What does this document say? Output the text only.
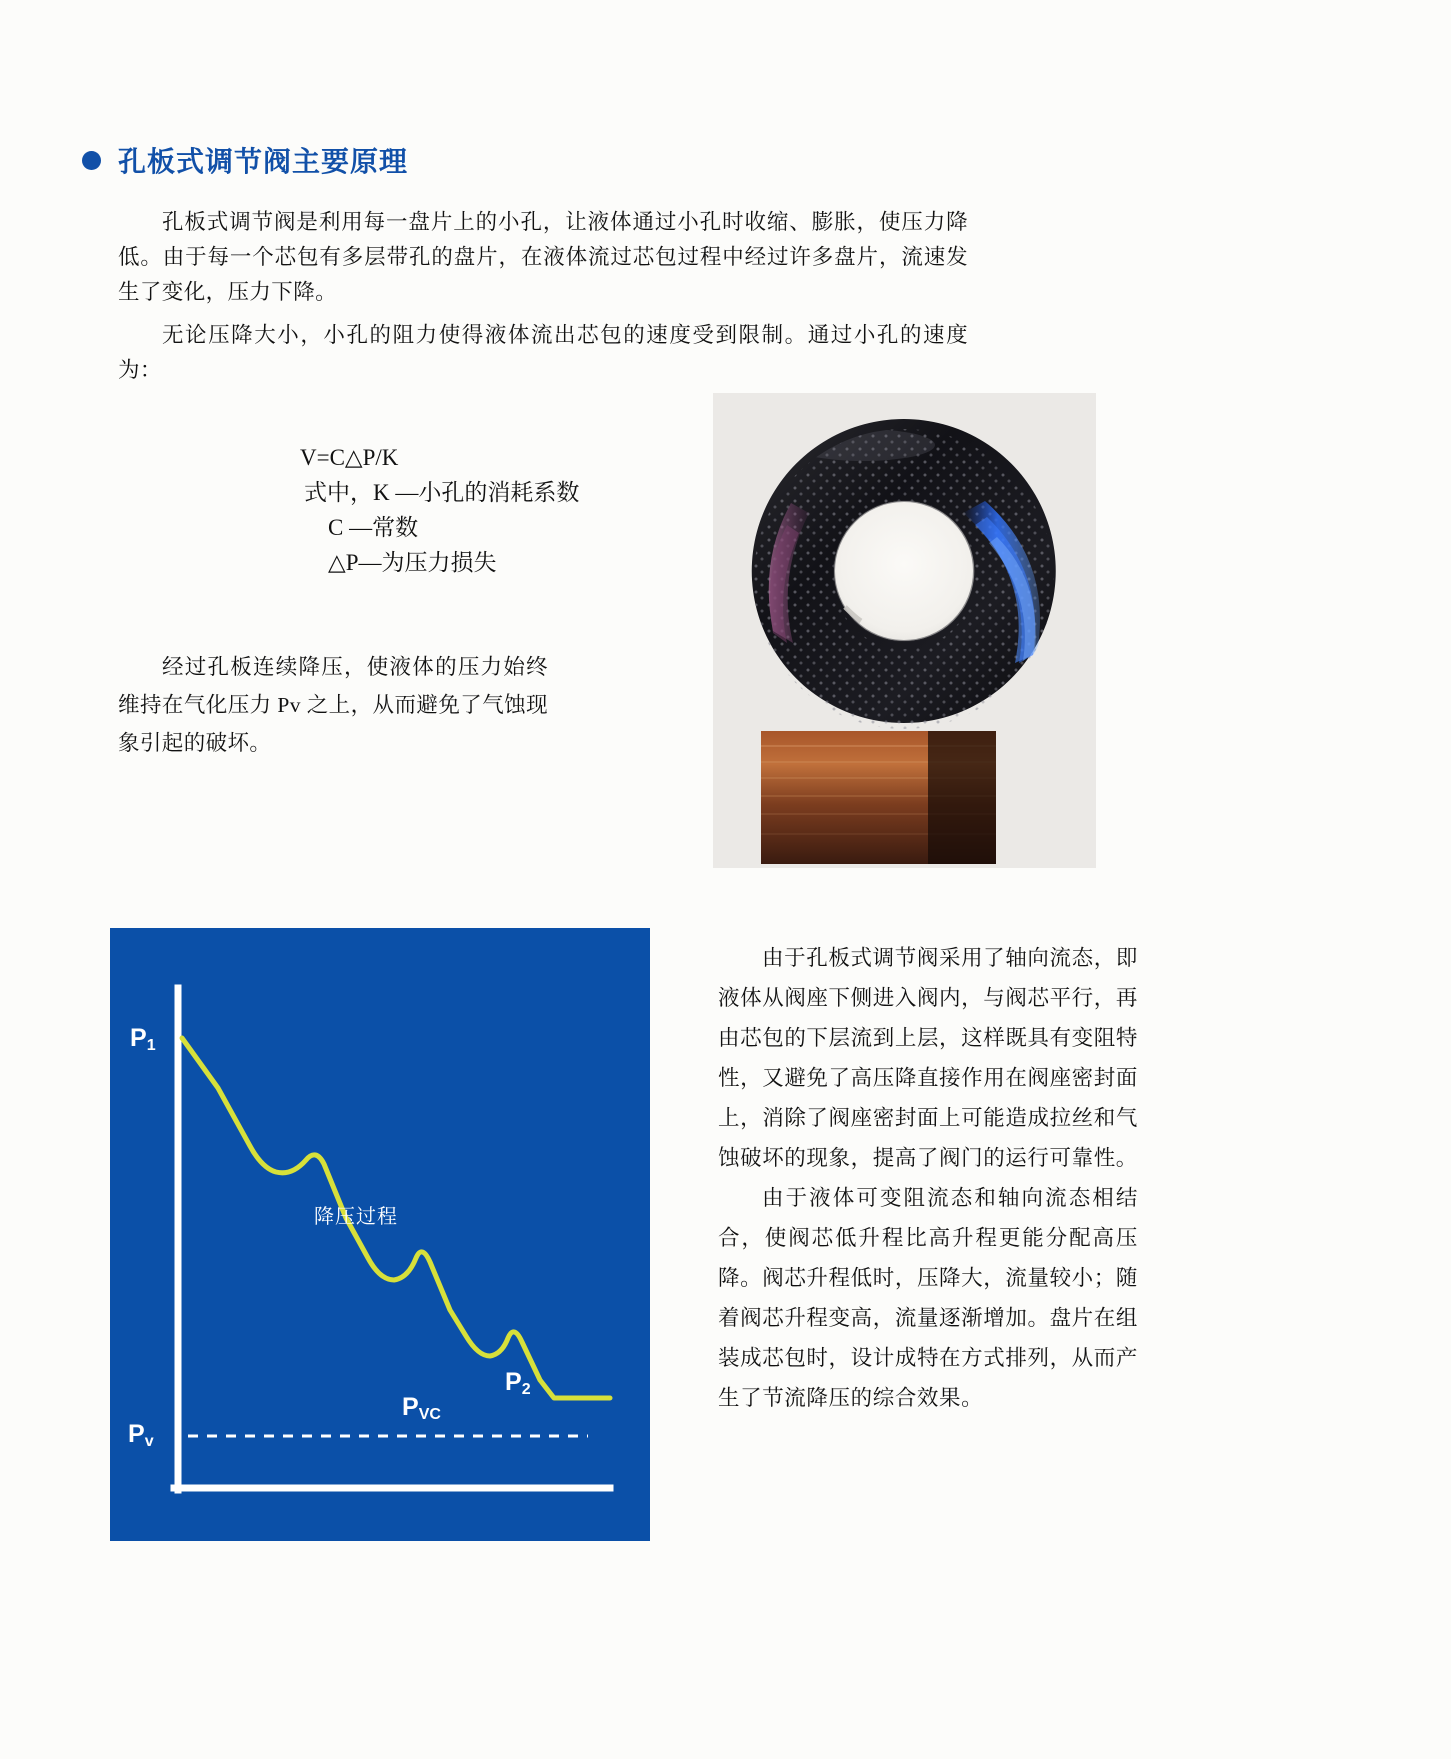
孔板式调节阀主要原理
孔板式调节阀是利用每一盘片上的小孔，让液体通过小孔时收缩、膨胀，使压力降低。由于每一个芯包有多层带孔的盘片，在液体流过芯包过程中经过许多盘片，流速发生了变化，压力下降。
无论压降大小，小孔的阻力使得液体流出芯包的速度受到限制。通过小孔的速度为：
V=C△P/K
式中，K —小孔的消耗系数
C —常数
△P—为压力损失
经过孔板连续降压，使液体的压力始终维持在气化压力 Pv 之上，从而避免了气蚀现象引起的破坏。
$P_1$
$P_v$
$P_{VC}$
$P_2$
降压过程

由于孔板式调节阀采用了轴向流态，即液体从阀座下侧进入阀内，与阀芯平行，再由芯包的下层流到上层，这样既具有变阻特性，又避免了高压降直接作用在阀座密封面上，消除了阀座密封面上可能造成拉丝和气蚀破坏的现象，提高了阀门的运行可靠性。

由于液体可变阻流态和轴向流态相结合，使阀芯低升程比高升程更能分配高压降。阀芯升程低时，压降大，流量较小；随着阀芯升程变高，流量逐渐增加。盘片在组装成芯包时，设计成特在方式排列，从而产生了节流降压的综合效果。
